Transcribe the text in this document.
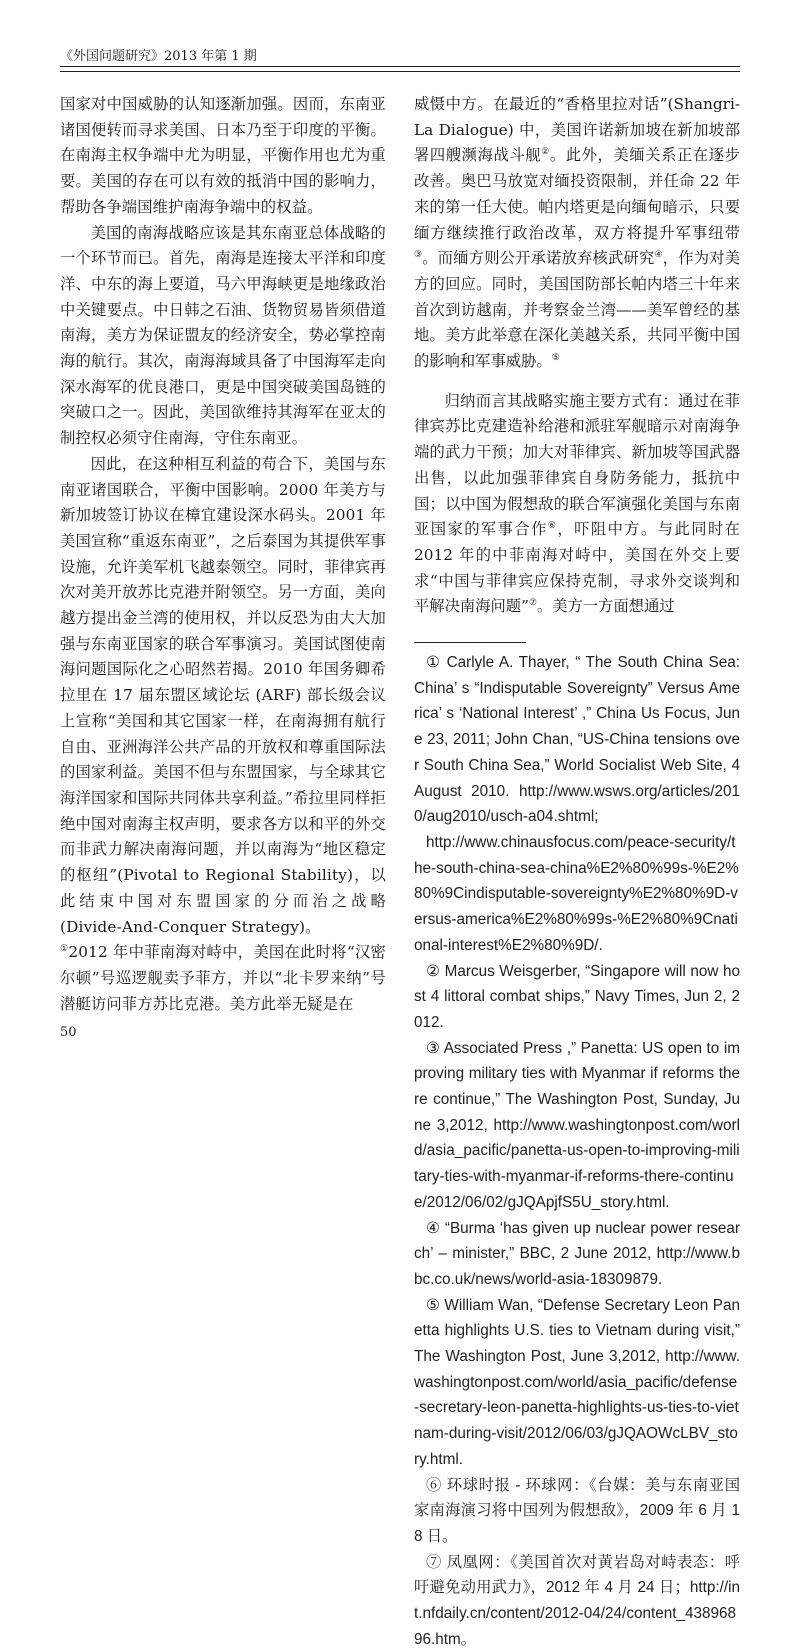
《外国问题研究》2013 年第 1 期

国家对中国威胁的认知逐渐加强。因而，东南亚诸国便转而寻求美国、日本乃至于印度的平衡。在南海主权争端中尤为明显，平衡作用也尤为重要。美国的存在可以有效的抵消中国的影响力，帮助各争端国维护南海争端中的权益。

美国的南海战略应该是其东南亚总体战略的一个环节而已。首先，南海是连接太平洋和印度洋、中东的海上要道，马六甲海峡更是地缘政治中关键要点。中日韩之石油、货物贸易皆须借道南海，美方为保证盟友的经济安全，势必掌控南海的航行。其次，南海海域具备了中国海军走向深水海军的优良港口，更是中国突破美国岛链的突破口之一。因此，美国欲维持其海军在亚太的制控权必须守住南海，守住东南亚。

因此，在这种相互利益的苟合下，美国与东南亚诸国联合，平衡中国影响。2000 年美方与新加坡签订协议在樟宜建设深水码头。2001 年美国宣称“重返东南亚”，之后泰国为其提供军事设施，允许美军机飞越泰领空。同时，菲律宾再次对美开放苏比克港并附领空。另一方面，美向越方提出金兰湾的使用权，并以反恐为由大大加强与东南亚国家的联合军事演习。美国试图使南海问题国际化之心昭然若揭。2010 年国务卿希拉里在 17 届东盟区域论坛 (ARF) 部长级会议上宣称“美国和其它国家一样，在南海拥有航行自由、亚洲海洋公共产品的开放权和尊重国际法的国家利益。美国不但与东盟国家，与全球其它海洋国家和国际共同体共享利益。”希拉里同样拒绝中国对南海主权声明，要求各方以和平的外交而非武力解决南海问题，并以南海为“地区稳定的枢纽”(Pivotal to Regional Stability)，以此结束中国对东盟国家的分而治之战略 (Divide-And-Conquer Strategy)。

①2012 年中菲南海对峙中，美国在此时将“汉密尔顿”号巡逻舰卖予菲方，并以“北卡罗来纳”号潜艇访问菲方苏比克港。美方此举无疑是在

威慑中方。在最近的“香格里拉对话”(Shangri-La Dialogue) 中，美国许诺新加坡在新加坡部署四艘濒海战斗舰②。此外，美缅关系正在逐步改善。奥巴马放宽对缅投资限制，并任命 22 年来的第一任大使。帕内塔更是向缅甸暗示，只要缅方继续推行政治改革，双方将提升军事纽带③。而缅方则公开承诺放弃核武研究④，作为对美方的回应。同时，美国国防部长帕内塔三十年来首次到访越南，并考察金兰湾——美军曾经的基地。美方此举意在深化美越关系，共同平衡中国的影响和军事威胁。⑤

归纳而言其战略实施主要方式有：通过在菲律宾苏比克建造补给港和派驻军舰暗示对南海争端的武力干预；加大对菲律宾、新加坡等国武器出售，以此加强菲律宾自身防务能力，抵抗中国；以中国为假想敌的联合军演强化美国与东南亚国家的军事合作⑥，吓阻中方。与此同时在 2012 年的中菲南海对峙中，美国在外交上要求“中国与菲律宾应保持克制，寻求外交谈判和平解决南海问题”⑦。美方一方面想通过

① Carlyle A. Thayer, “ The South China Sea: China’ s “Indisputable Sovereignty” Versus America’ s ‘National Interest’ ,” China Us Focus, June 23, 2011; John Chan, “US-China tensions over South China Sea,” World Socialist Web Site, 4 August 2010. http://www.wsws.org/articles/2010/aug2010/usch-a04.shtml;

http://www.chinausfocus.com/peace-security/the-south-china-sea-china%E2%80%99s-%E2%80%9Cindisputable-sovereignty%E2%80%9D-versus-america%E2%80%99s-%E2%80%9Cnational-interest%E2%80%9D/.

② Marcus Weisgerber, “Singapore will now host 4 littoral combat ships,” Navy Times, Jun 2, 2012.

③ Associated Press ,” Panetta: US open to improving military ties with Myanmar if reforms there continue,” The Washington Post, Sunday, June 3,2012, http://www.washingtonpost.com/world/asia_pacific/panetta-us-open-to-improving-military-ties-with-myanmar-if-reforms-there-continue/2012/06/02/gJQApjfS5U_story.html.

④ “Burma ‘has given up nuclear power research’ – minister,” BBC, 2 June 2012, http://www.bbc.co.uk/news/world-asia-18309879.

⑤ William Wan, “Defense Secretary Leon Panetta highlights U.S. ties to Vietnam during visit,” The Washington Post, June 3,2012, http://www.washingtonpost.com/world/asia_pacific/defense-secretary-leon-panetta-highlights-us-ties-to-vietnam-during-visit/2012/06/03/gJQAOWcLBV_story.html.

⑥ 环球时报 - 环球网：《台媒：美与东南亚国家南海演习将中国列为假想敌》，2009 年 6 月 18 日。

⑦ 凤凰网：《美国首次对黄岩岛对峙表态：呼吁避免动用武力》，2012 年 4 月 24 日；http://int.nfdaily.cn/content/2012-04/24/content_43896896.htm。

50
